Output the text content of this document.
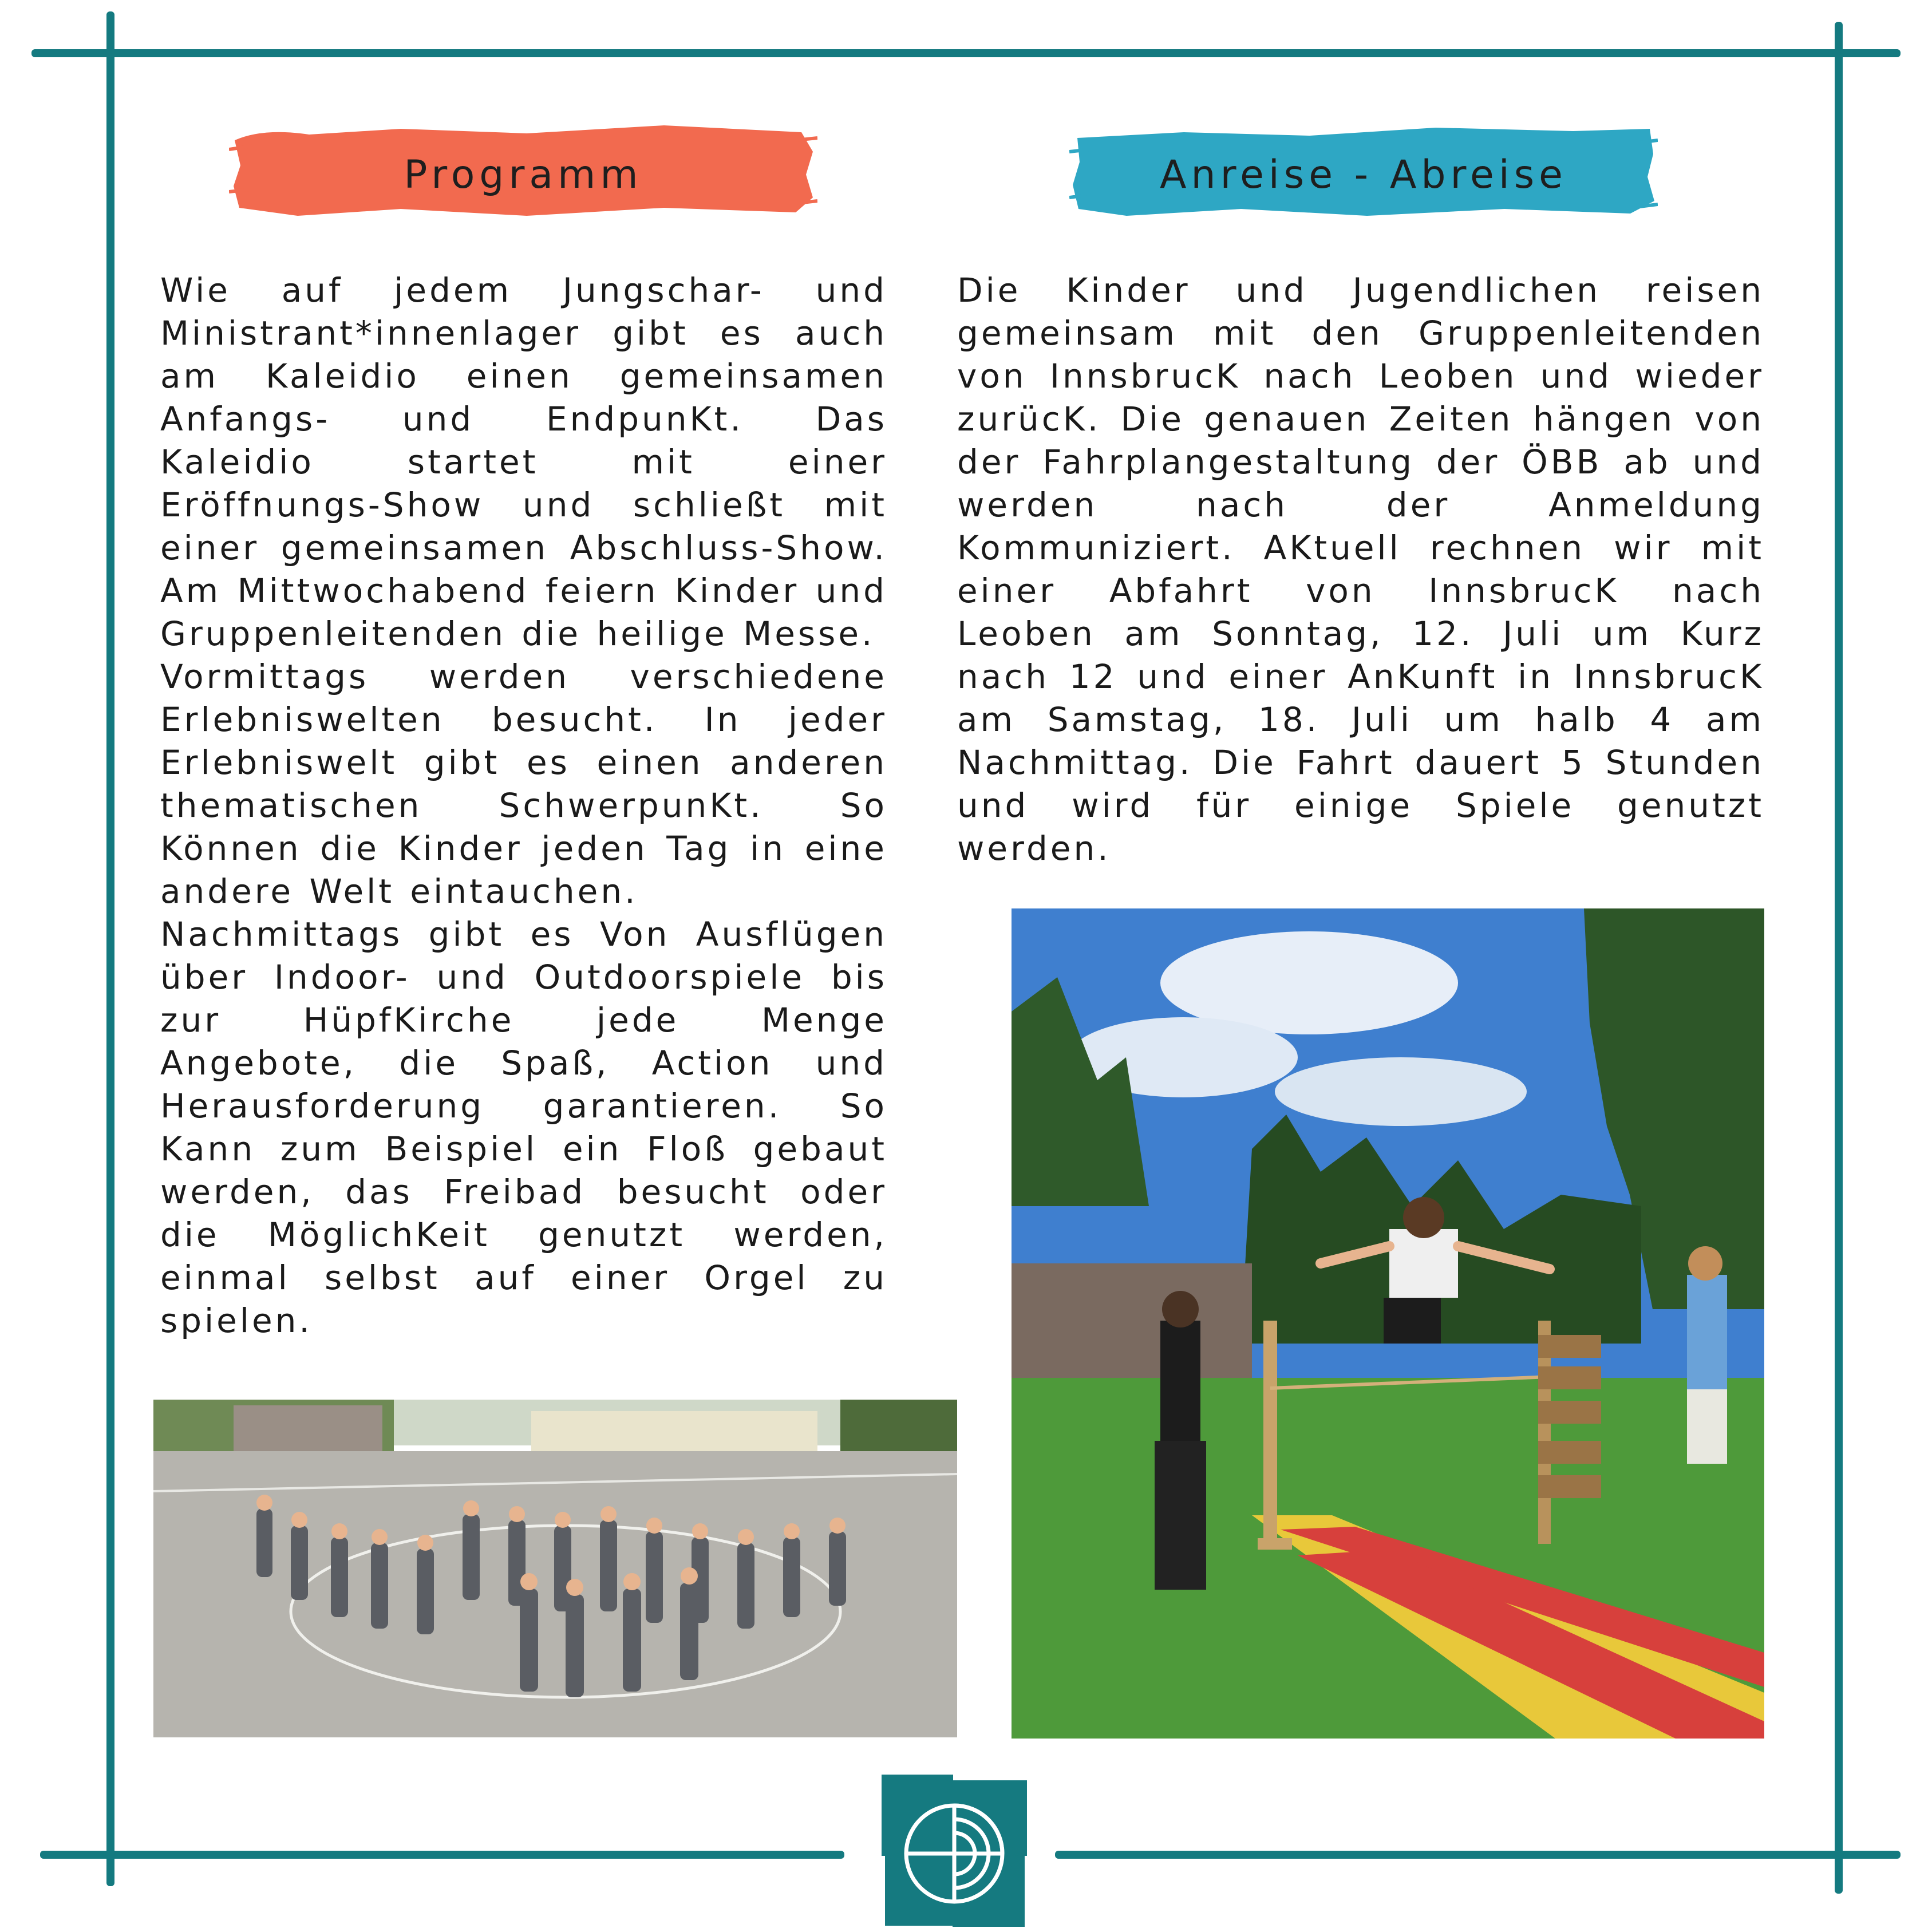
Programm	Anreise - Abreise

Wie auf jedem Jungschar- und Ministrant*innenlager gibt es auch am Kaleidio einen gemeinsamen Anfangs- und EndpunKt. Das Kaleidio startet mit einer Eröffnungs-Show und schließt mit einer gemeinsamen Abschluss-Show. Am Mittwochabend feiern Kinder und Gruppenleitenden die heilige Messe.

Vormittags werden verschiedene Erlebniswelten besucht. In jeder Erlebniswelt gibt es einen anderen thematischen SchwerpunKt. So Können die Kinder jeden Tag in eine andere Welt eintauchen.

Nachmittags gibt es Von Ausflügen über Indoor- und Outdoorspiele bis zur HüpfKirche jede Menge Angebote, die Spaß, Action und Herausforderung garantieren. So Kann zum Beispiel ein Floß gebaut werden, das Freibad besucht oder die MöglichKeit genutzt werden, einmal selbst auf einer Orgel zu spielen.

Die Kinder und Jugendlichen reisen gemeinsam mit den Gruppenleitenden von InnsbrucK nach Leoben und wieder zurücK. Die genauen Zeiten hängen von der Fahrplangestaltung der ÖBB ab und werden nach der Anmeldung Kommuniziert. AKtuell rechnen wir mit einer Abfahrt von InnsbrucK nach Leoben am Sonntag, 12. Juli um Kurz nach 12 und einer AnKunft in InnsbrucK am Samstag, 18. Juli um halb 4 am Nachmittag. Die Fahrt dauert 5 Stunden und wird für einige Spiele genutzt werden.
